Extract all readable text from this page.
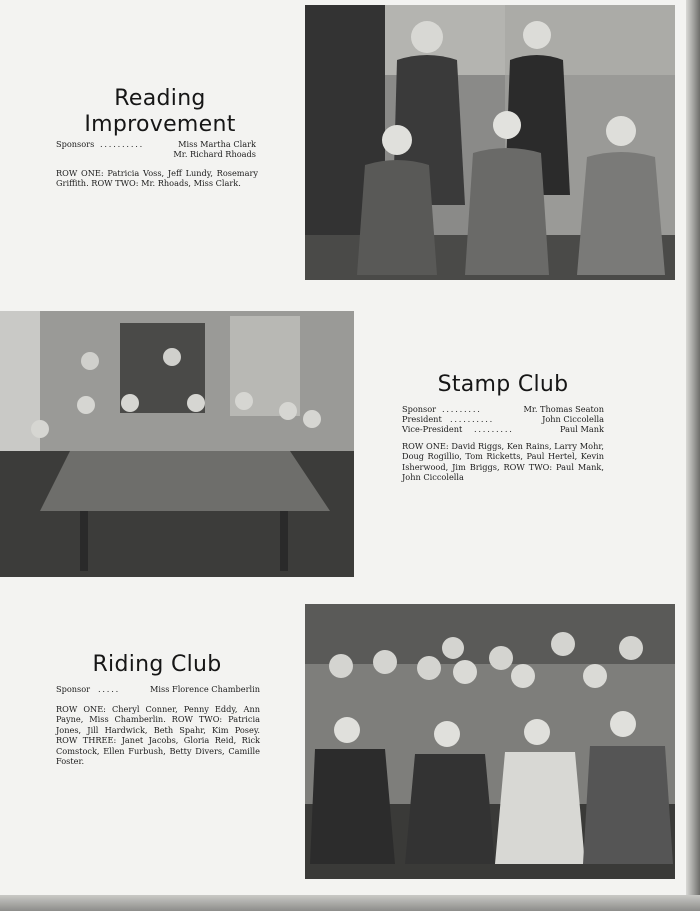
Reading
Improvement
Sponsors ..........	Miss Martha Clark
Mr. Richard Rhoads
ROW ONE: Patricia Voss, Jeff Lundy, Rosemary Griffith. ROW TWO: Mr. Rhoads, Miss Clark.
Stamp Club
Sponsor .........	Mr. Thomas Seaton
President ..........	John Ciccolella
Vice-President .........	Paul Mank
ROW ONE: David Riggs, Ken Rains, Larry Mohr, Doug Rogillio, Tom Ricketts, Paul Hertel, Kevin Isherwood, Jim Briggs, ROW TWO: Paul Mank, John Ciccolella
Riding Club
Sponsor .....	Miss Florence Chamberlin
ROW ONE: Cheryl Conner, Penny Eddy, Ann Payne, Miss Chamberlin. ROW TWO: Patricia Jones, Jill Hardwick, Beth Spahr, Kim Posey. ROW THREE: Janet Jacobs, Gloria Reid, Rick Comstock, Ellen Furbush, Betty Divers, Camille Foster.
